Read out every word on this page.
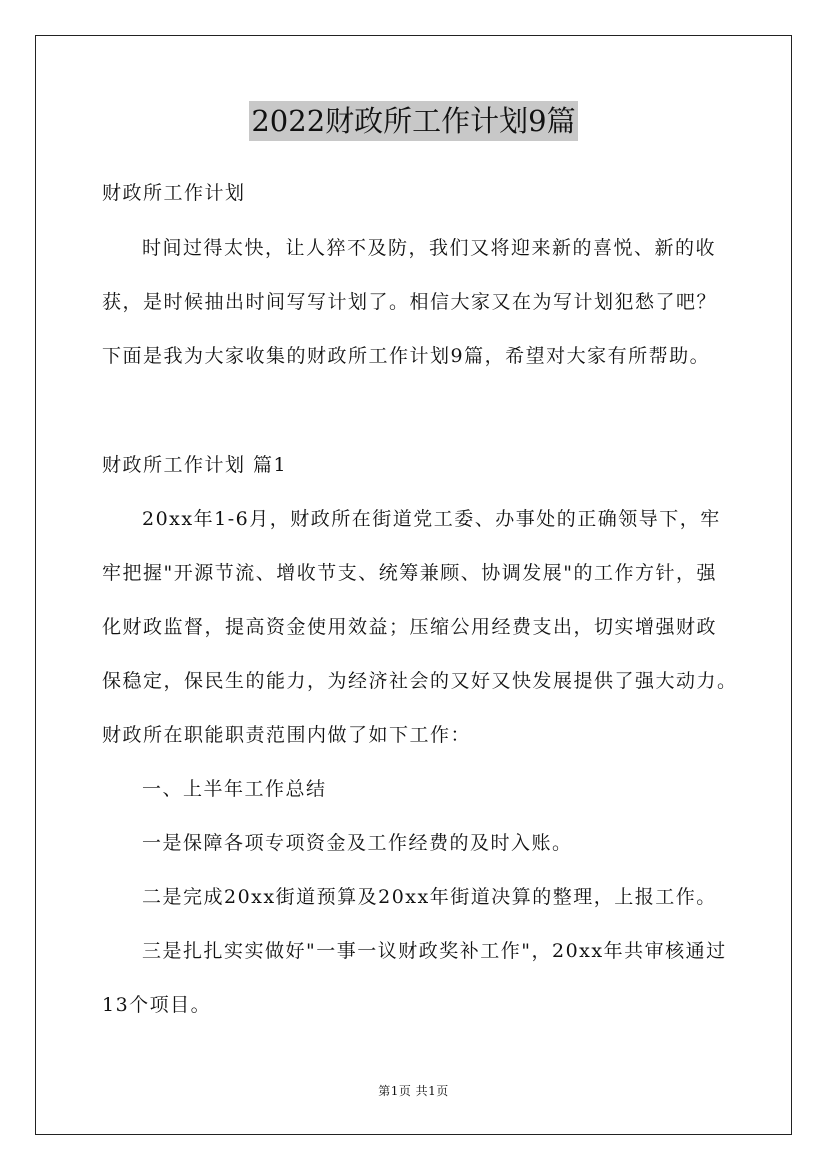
2022财政所工作计划9篇
财政所工作计划
时间过得太快，让人猝不及防，我们又将迎来新的喜悦、新的收
获，是时候抽出时间写写计划了。相信大家又在为写计划犯愁了吧？
下面是我为大家收集的财政所工作计划9篇，希望对大家有所帮助。
财政所工作计划 篇1
20xx年1-6月，财政所在街道党工委、办事处的正确领导下，牢
牢把握"开源节流、增收节支、统筹兼顾、协调发展"的工作方针，强
化财政监督，提高资金使用效益；压缩公用经费支出，切实增强财政
保稳定，保民生的能力，为经济社会的又好又快发展提供了强大动力。
财政所在职能职责范围内做了如下工作：
一、上半年工作总结
一是保障各项专项资金及工作经费的及时入账。
二是完成20xx街道预算及20xx年街道决算的整理，上报工作。
三是扎扎实实做好"一事一议财政奖补工作"，20xx年共审核通过
13个项目。
第1页 共1页
